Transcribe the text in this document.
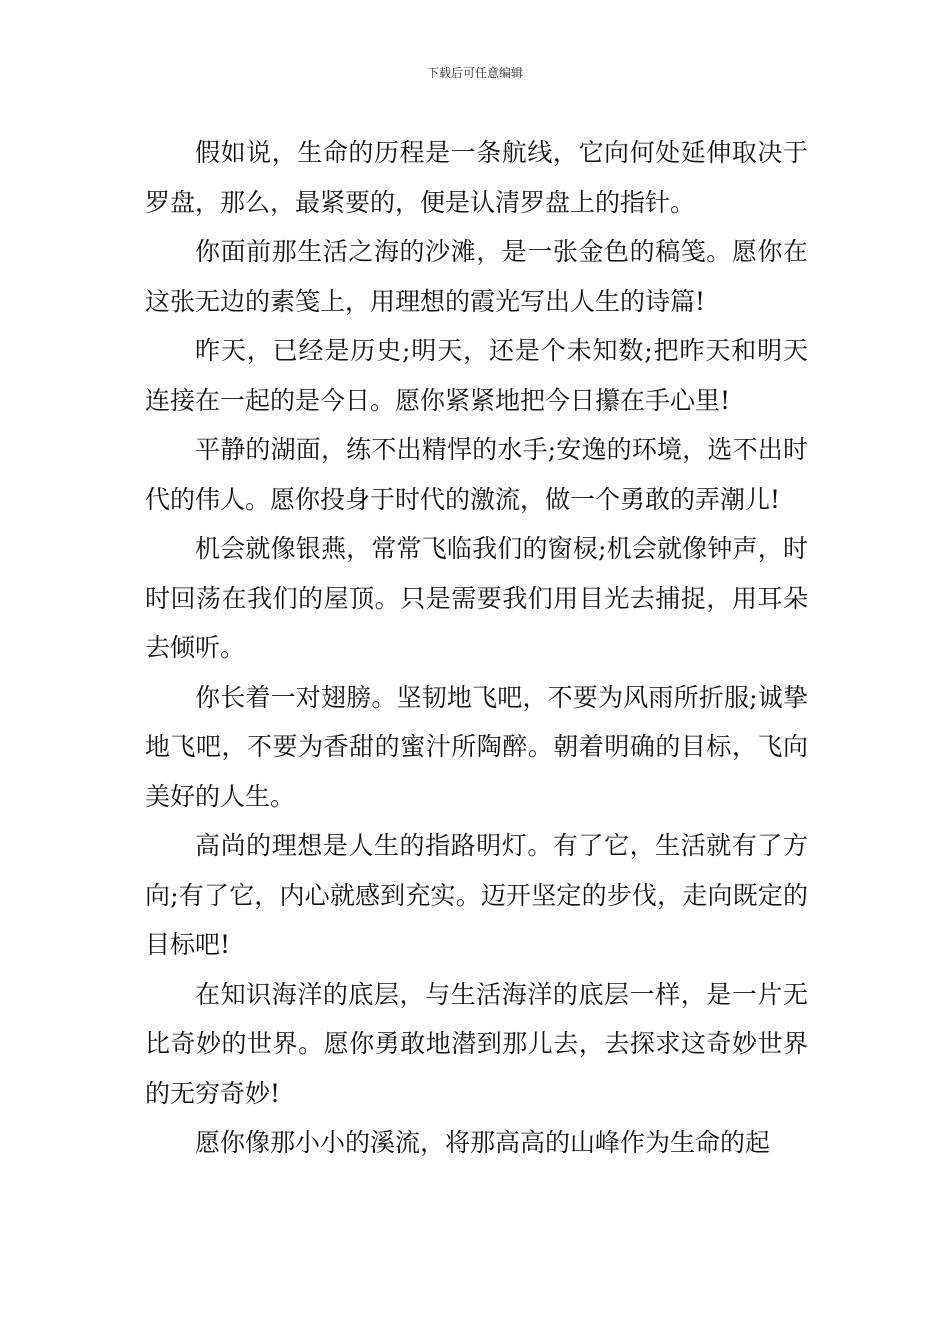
下载后可任意编辑

假如说，生命的历程是一条航线，它向何处延伸取决于罗盘，那么，最紧要的，便是认清罗盘上的指针。

你面前那生活之海的沙滩，是一张金色的稿笺。愿你在这张无边的素笺上，用理想的霞光写出人生的诗篇!

昨天，已经是历史;明天，还是个未知数;把昨天和明天连接在一起的是今日。愿你紧紧地把今日攥在手心里!

平静的湖面，练不出精悍的水手;安逸的环境，选不出时代的伟人。愿你投身于时代的激流，做一个勇敢的弄潮儿!

机会就像银燕，常常飞临我们的窗棂;机会就像钟声，时时回荡在我们的屋顶。只是需要我们用目光去捕捉，用耳朵去倾听。

你长着一对翅膀。坚韧地飞吧，不要为风雨所折服;诚挚地飞吧，不要为香甜的蜜汁所陶醉。朝着明确的目标，飞向美好的人生。

高尚的理想是人生的指路明灯。有了它，生活就有了方向;有了它，内心就感到充实。迈开坚定的步伐，走向既定的目标吧!

在知识海洋的底层，与生活海洋的底层一样，是一片无比奇妙的世界。愿你勇敢地潜到那儿去，去探求这奇妙世界的无穷奇妙!

愿你像那小小的溪流，将那高高的山峰作为生命的起
